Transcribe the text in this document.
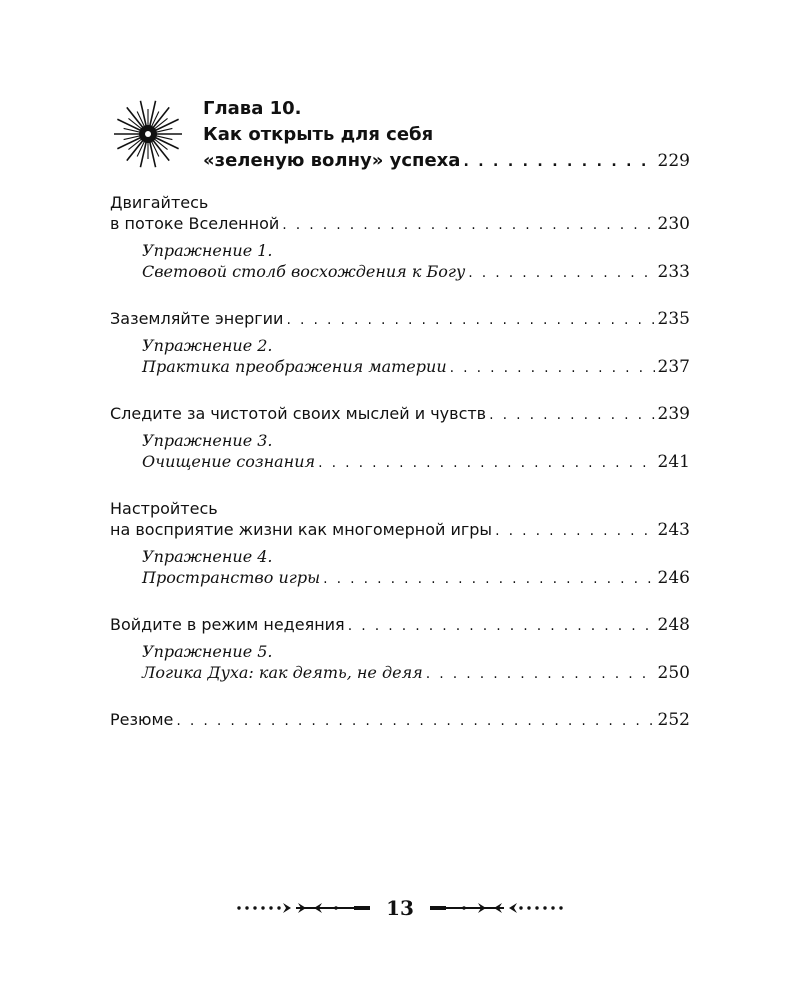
Глава 10.
Как открыть для себя
«зеленую волну» успеха . . .	229
Двигайтесь
в потоке Вселенной . . .	230
Упражнение 1.
Световой столб восхождения к Богу . . .	233
Заземляйте энергии . . .	235
Упражнение 2.
Практика преображения материи . . .	237
Следите за чистотой своих мыслей и чувств . . .	239
Упражнение 3.
Очищение сознания . . .	241
Настройтесь
на восприятие жизни как многомерной игры . . .	243
Упражнение 4.
Пространство игры . . .	246
Войдите в режим недеяния . . .	248
Упражнение 5.
Логика Духа: как деять, не деяя . . .	250
Резюме . . .	252
13
